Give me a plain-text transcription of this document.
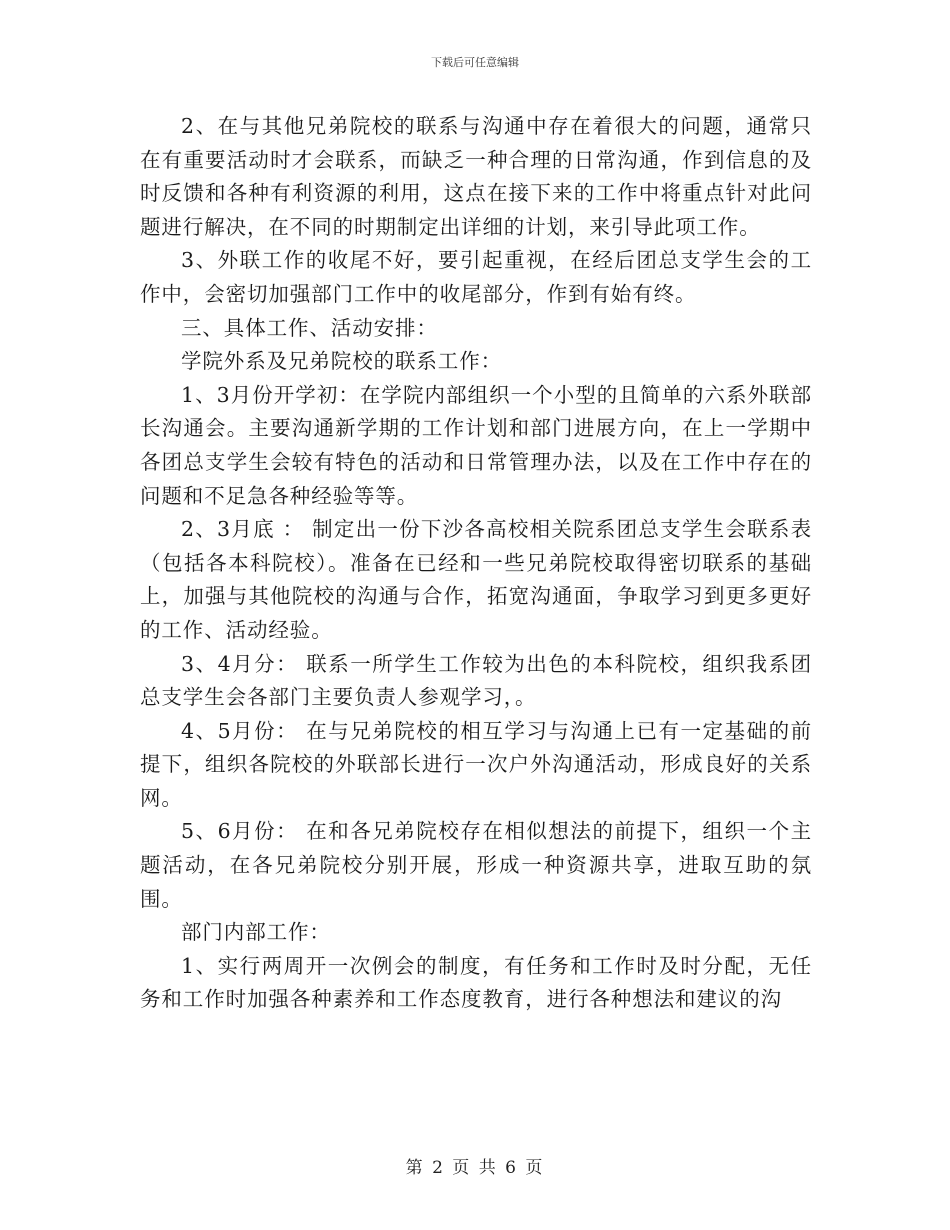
下载后可任意编辑

2、在与其他兄弟院校的联系与沟通中存在着很大的问题，通常只在有重要活动时才会联系，而缺乏一种合理的日常沟通，作到信息的及时反馈和各种有利资源的利用，这点在接下来的工作中将重点针对此问题进行解决，在不同的时期制定出详细的计划，来引导此项工作。

3、外联工作的收尾不好，要引起重视，在经后团总支学生会的工作中，会密切加强部门工作中的收尾部分，作到有始有终。

三、具体工作、活动安排：

学院外系及兄弟院校的联系工作：

1、3月份开学初：在学院内部组织一个小型的且简单的六系外联部长沟通会。主要沟通新学期的工作计划和部门进展方向，在上一学期中各团总支学生会较有特色的活动和日常管理办法，以及在工作中存在的问题和不足急各种经验等等。

2、3月底 ： 制定出一份下沙各高校相关院系团总支学生会联系表（包括各本科院校）。准备在已经和一些兄弟院校取得密切联系的基础上，加强与其他院校的沟通与合作，拓宽沟通面，争取学习到更多更好的工作、活动经验。

3、4月分： 联系一所学生工作较为出色的本科院校，组织我系团总支学生会各部门主要负责人参观学习，。

4、5月份： 在与兄弟院校的相互学习与沟通上已有一定基础的前提下，组织各院校的外联部长进行一次户外沟通活动，形成良好的关系网。

5、6月份： 在和各兄弟院校存在相似想法的前提下，组织一个主题活动，在各兄弟院校分别开展，形成一种资源共享，进取互助的氛围。

部门内部工作：

1、实行两周开一次例会的制度，有任务和工作时及时分配，无任务和工作时加强各种素养和工作态度教育，进行各种想法和建议的沟

第 2 页 共 6 页
